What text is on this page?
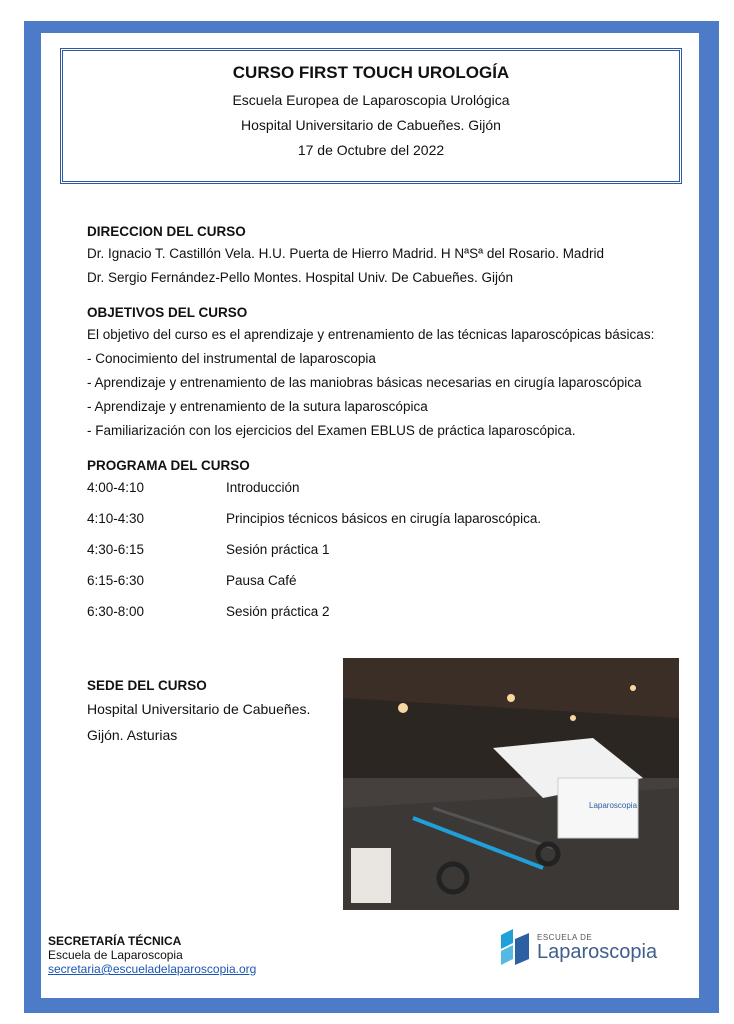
CURSO FIRST TOUCH UROLOGÍA
Escuela Europea de Laparoscopia Urológica
Hospital Universitario de Cabueñes. Gijón
17 de Octubre del 2022
DIRECCION DEL CURSO
Dr. Ignacio T. Castillón Vela. H.U. Puerta de Hierro Madrid. H NªSª del Rosario. Madrid
Dr. Sergio Fernández-Pello Montes. Hospital Univ. De Cabueñes. Gijón
OBJETIVOS DEL CURSO
El objetivo del curso es el aprendizaje y entrenamiento de las técnicas laparoscópicas básicas:
- Conocimiento del instrumental de laparoscopia
- Aprendizaje y entrenamiento de las maniobras básicas necesarias en cirugía laparoscópica
- Aprendizaje y entrenamiento de la sutura laparoscópica
- Familiarización con los ejercicios del Examen EBLUS de práctica laparoscópica.
PROGRAMA DEL CURSO
4:00-4:10	Introducción
4:10-4:30	Principios técnicos básicos en cirugía laparoscópica.
4:30-6:15	Sesión práctica 1
6:15-6:30	Pausa Café
6:30-8:00	Sesión práctica 2
SEDE DEL CURSO
Hospital Universitario de Cabueñes.
Gijón. Asturias
Laparoscopia
SECRETARÍA TÉCNICA
Escuela de Laparoscopia
secretaria@escueladelaparoscopia.org
ESCUELA DE
Laparoscopia
